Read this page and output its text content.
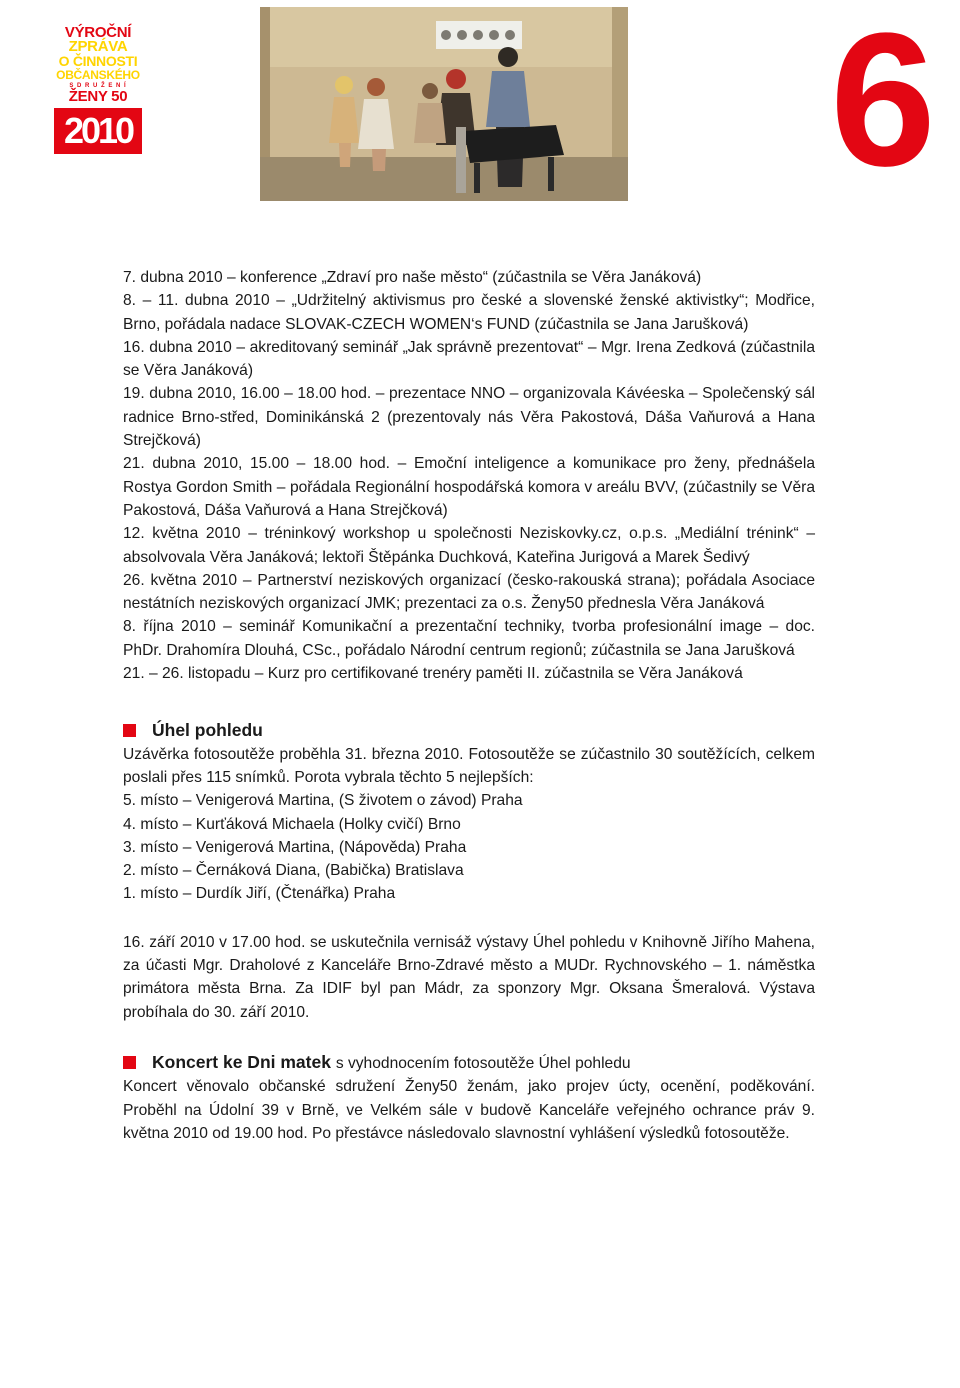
VÝROČNÍ
ZPRÁVA
O ČINNOSTI
OBČANSKÉHO
S D R U Ž E N Í
ŽENY 50
2010	6

7. dubna 2010 – konference „Zdraví pro naše město“ (zúčastnila se Věra Janáková)

8. – 11. dubna 2010 – „Udržitelný aktivismus pro české a slovenské ženské aktivistky“; Modřice, Brno, pořádala nadace SLOVAK-CZECH WOMEN‘s FUND (zúčastnila se Jana Jarušková)

16. dubna 2010 – akreditovaný seminář „Jak správně prezentovat“ – Mgr. Irena Zedková (zúčastnila se Věra Janáková)

19. dubna 2010, 16.00 – 18.00 hod. – prezentace NNO – organizovala Kávéeska – Společenský sál radnice Brno-střed, Dominikánská 2 (prezentovaly nás Věra Pakostová, Dáša Vaňurová a Hana Strejčková)

21. dubna 2010, 15.00 – 18.00 hod. – Emoční inteligence a komunikace pro ženy, přednášela Rostya Gordon Smith – pořádala Regionální hospodářská komora v areálu BVV, (zúčastnily se Věra Pakostová, Dáša Vaňurová a Hana Strejčková)

12. května 2010 – tréninkový workshop u společnosti Neziskovky.cz, o.p.s. „Mediální trénink“ – absolvovala Věra Janáková; lektoři Štěpánka Duchková, Kateřina Jurigová a Marek Šedivý

26. května 2010 – Partnerství neziskových organizací (česko-rakouská strana); pořádala Asociace nestátních neziskových organizací JMK; prezentaci za o.s. Ženy50 přednesla Věra Janáková

8. října 2010 – seminář Komunikační a prezentační techniky, tvorba profesionální image – doc. PhDr. Drahomíra Dlouhá, CSc., pořádalo Národní centrum regionů; zúčastnila se Jana Jarušková

21. – 26. listopadu – Kurz pro certifikované trenéry paměti II. zúčastnila se Věra Janáková

Úhel pohledu

Uzávěrka fotosoutěže proběhla 31. března 2010. Fotosoutěže se zúčastnilo 30 soutěžících, celkem poslali přes 115 snímků. Porota vybrala těchto 5 nejlepších:

5. místo – Venigerová Martina, (S životem o závod) Praha

4. místo – Kurťáková Michaela (Holky cvičí) Brno

3. místo – Venigerová Martina, (Nápověda) Praha

2. místo – Černáková Diana, (Babička) Bratislava

1. místo – Durdík Jiří, (Čtenářka) Praha

16. září 2010 v 17.00 hod. se uskutečnila vernisáž výstavy Úhel pohledu v Knihovně Jiřího Mahena, za účasti Mgr. Draholové z Kanceláře Brno-Zdravé město a MUDr. Rychnovského – 1. náměstka primátora města Brna. Za IDIF byl pan Mádr, za sponzory Mgr. Oksana Šmeralová. Výstava probíhala do 30. září 2010.

Koncert ke Dni matek s vyhodnocením fotosoutěže Úhel pohledu

Koncert věnovalo občanské sdružení Ženy50 ženám, jako projev úcty, ocenění, poděkování. Proběhl na Údolní 39 v Brně, ve Velkém sále v budově Kanceláře veřejného ochrance práv 9. května 2010 od 19.00 hod. Po přestávce následovalo slavnostní vyhlášení výsledků fotosoutěže.
